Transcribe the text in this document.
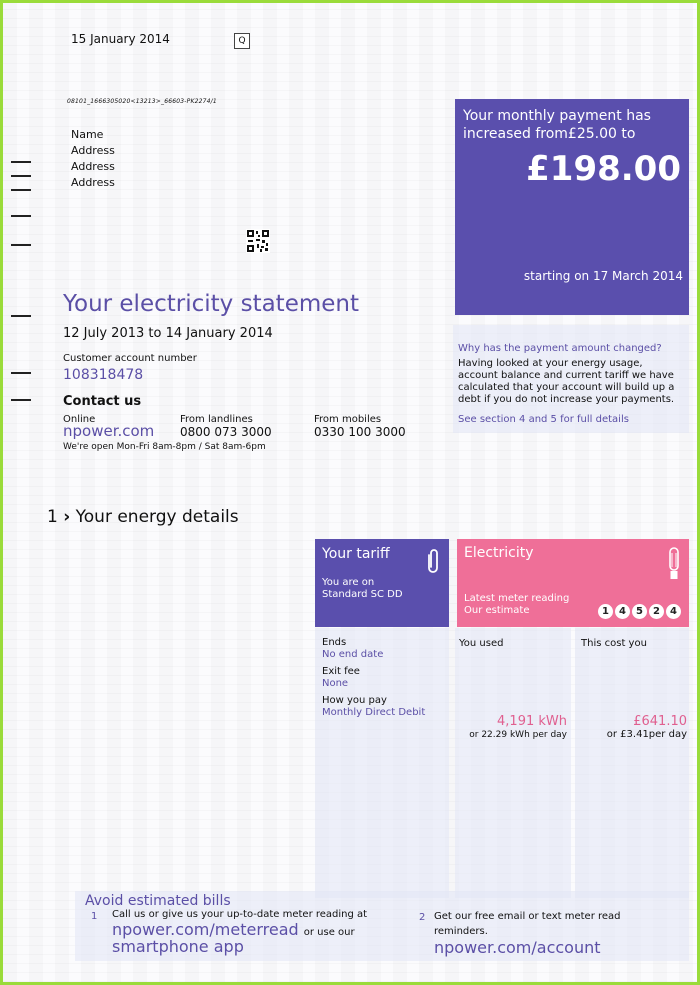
15 January 2014	Q
08101_1666305020<13213>_66603-PK2274/1
Name
Address
Address
Address
Your monthly payment has
increased from£25.00 to
£198.00
starting on 17 March 2014
Your electricity statement
12 July 2013 to 14 January 2014
Customer account number
108318478
Contact us
Online
npower.com
From landlines
0800 073 3000
From mobiles
0330 100 3000
We're open Mon-Fri 8am-8pm / Sat 8am-6pm
Why has the payment amount changed?
Having looked at your energy usage, account balance and current tariff we have calculated that your account will build up a debt if you do not increase your payments.
See section 4 and 5 for full details
1 › Your energy details
Your tariff
You are on
Standard SC DD
Electricity
Latest meter reading
Our estimate	1 4 5 2 4
Ends
No end date
Exit fee
None
How you pay
Monthly Direct Debit
You used
4,191 kWh
or 22.29 kWh per day
This cost you
£641.10
or £3.41per day
Avoid estimated bills
1 Call us or give us your up-to-date meter reading at
npower.com/meterread or use our
smartphone app
2 Get our free email or text meter read reminders.
npower.com/account
